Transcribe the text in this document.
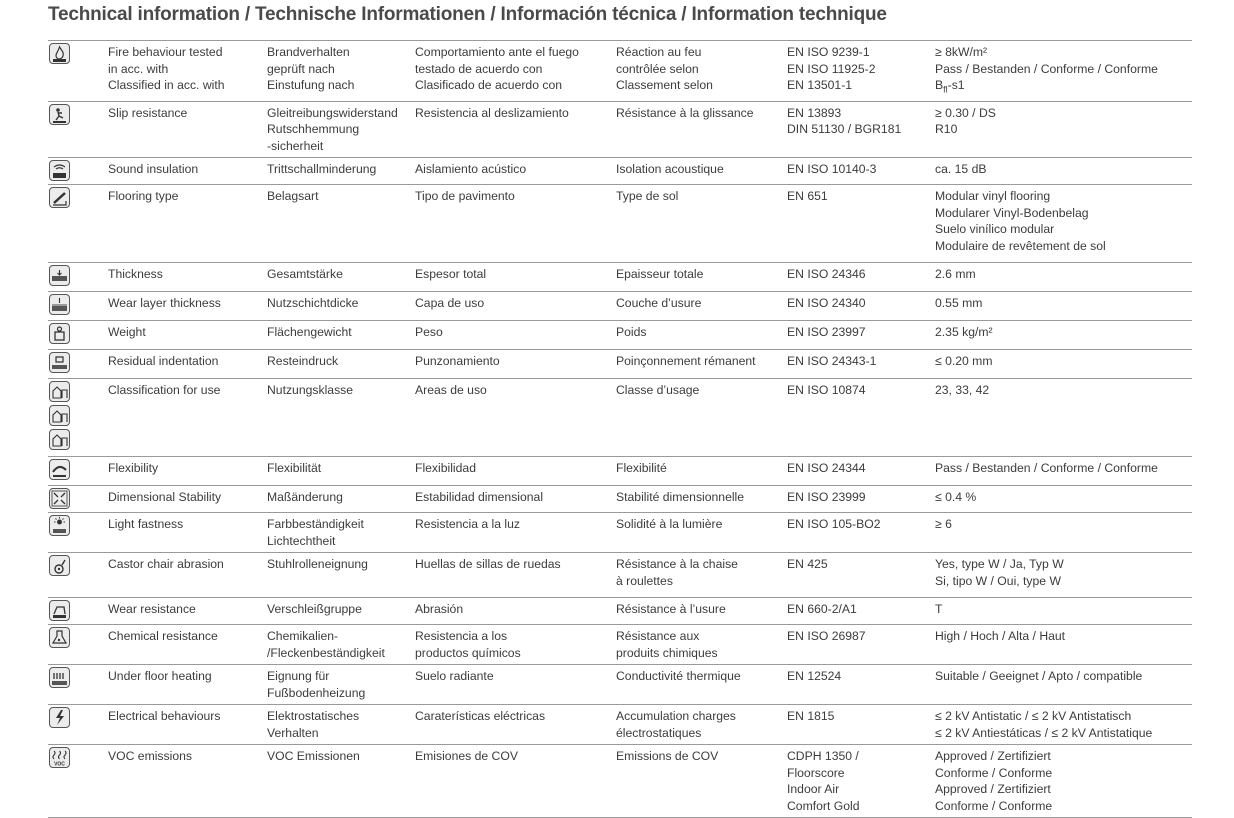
Technical information / Technische Informationen / Información técnica / Information technique
	Fire behaviour tested
in acc. with
Classified in acc. with	Brandverhalten
geprüft nach
Einstufung nach	Comportamiento ante el fuego
testado de acuerdo con
Clasificado de acuerdo con	Réaction au feu
contrôlée selon
Classement selon	EN ISO 9239-1
EN ISO 11925-2
EN 13501-1	≥ 8kW/m²
Pass / Bestanden / Conforme / Conforme
$B_{fl}-s1$

	Slip resistance	Gleitreibungswiderstand
Rutschhemmung
-sicherheit	Resistencia al deslizamiento	Résistance à la glissance	EN 13893
DIN 51130 / BGR181	≥ 0.30 / DS
R10

	Sound insulation	Trittschallminderung	Aislamiento acústico	Isolation acoustique	EN ISO 10140-3	ca. 15 dB

	Flooring type	Belagsart	Tipo de pavimento	Type de sol	EN 651	Modular vinyl flooring
Modularer Vinyl-Bodenbelag
Suelo vinílico modular
Modulaire de revêtement de sol

	Thickness	Gesamtstärke	Espesor total	Epaisseur totale	EN ISO 24346	2.6 mm

	Wear layer thickness	Nutzschichtdicke	Capa de uso	Couche d’usure	EN ISO 24340	0.55 mm

	Weight	Flächengewicht	Peso	Poids	EN ISO 23997	2.35 kg/m²

	Residual indentation	Resteindruck	Punzonamiento	Poinçonnement rémanent	EN ISO 24343-1	≤ 0.20 mm

	Classification for use	Nutzungsklasse	Areas de uso	Classe d’usage	EN ISO 10874	23, 33, 42

	Flexibility	Flexibilität	Flexibilidad	Flexibilité	EN ISO 24344	Pass / Bestanden / Conforme / Conforme

	Dimensional Stability	Maßänderung	Estabilidad dimensional	Stabilité dimensionnelle	EN ISO 23999	≤ 0.4 %

	Light fastness	Farbbeständigkeit
Lichtechtheit	Resistencia a la luz	Solidité à la lumière	EN ISO 105-BO2	≥ 6

	Castor chair abrasion	Stuhlrolleneignung	Huellas de sillas de ruedas	Résistance à la chaise
à roulettes	EN 425	Yes, type W / Ja, Typ W
Si, tipo W / Oui, type W

	Wear resistance	Verschleißgruppe	Abrasión	Résistance à l’usure	EN 660-2/A1	T

	Chemical resistance	Chemikalien-
/Fleckenbeständigkeit	Resistencia a los
productos químicos	Résistance aux
produits chimiques	EN ISO 26987	High / Hoch / Alta / Haut

	Under floor heating	Eignung für
Fußbodenheizung	Suelo radiante	Conductivité thermique	EN 12524	Suitable / Geeignet / Apto / compatible

	Electrical behaviours	Elektrostatisches
Verhalten	Caraterísticas eléctricas	Accumulation charges
électrostatiques	EN 1815	≤ 2 kV Antistatic / ≤ 2 kV Antistatisch
≤ 2 kV Antiestáticas / ≤ 2 kV Antistatique

VOC	VOC emissions	VOC Emissionen	Emisiones de COV	Emissions de COV	CDPH 1350 /
Floorscore
Indoor Air
Comfort Gold	Approved / Zertifiziert
Conforme / Conforme
Approved / Zertifiziert
Conforme / Conforme
